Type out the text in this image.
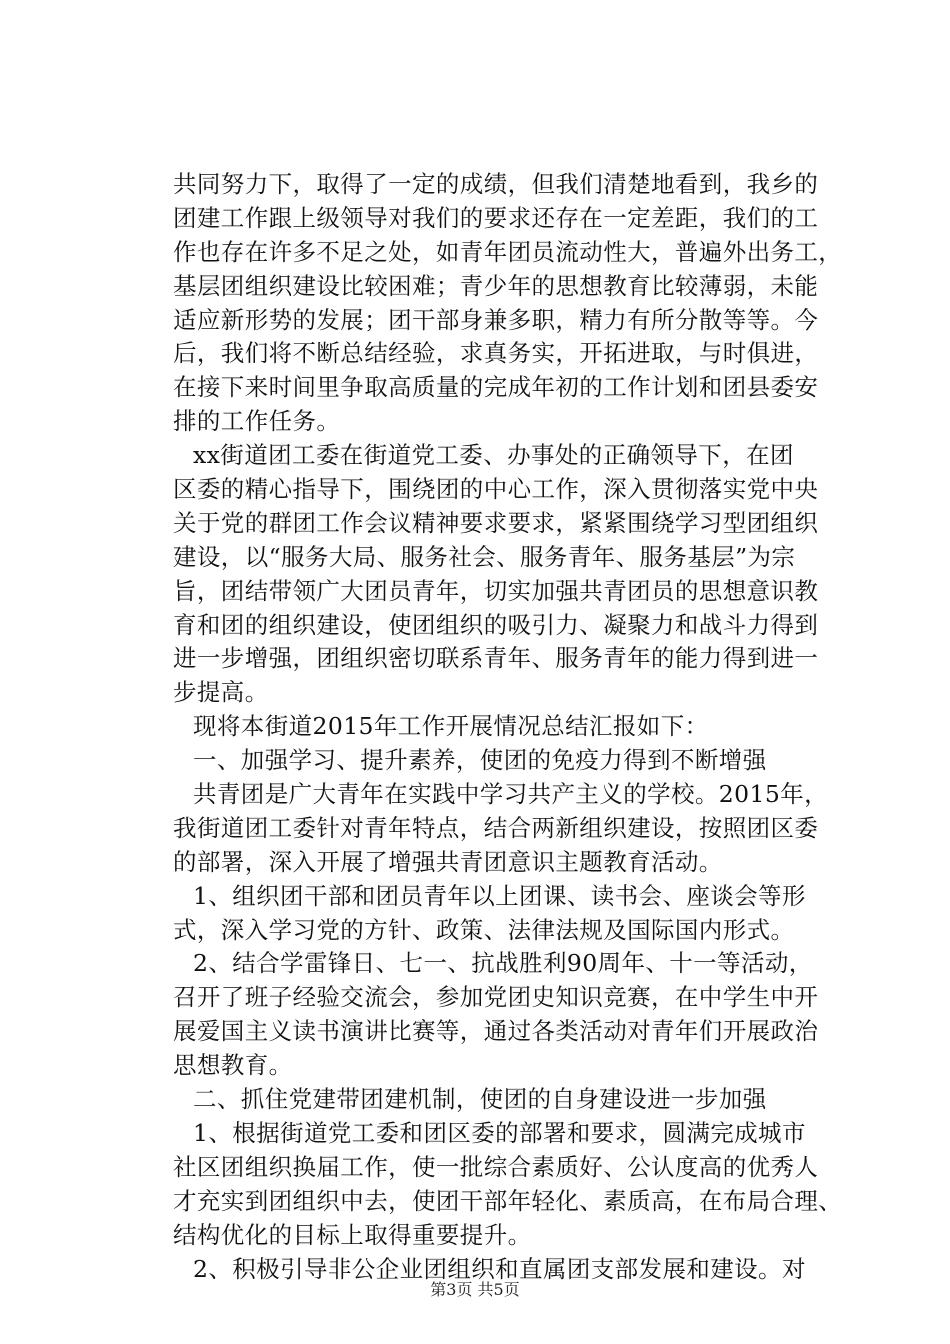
共同努力下，取得了一定的成绩，但我们清楚地看到，我乡的
团建工作跟上级领导对我们的要求还存在一定差距，我们的工
作也存在许多不足之处，如青年团员流动性大，普遍外出务工，
基层团组织建设比较困难；青少年的思想教育比较薄弱，未能
适应新形势的发展；团干部身兼多职，精力有所分散等等。今
后，我们将不断总结经验，求真务实，开拓进取，与时俱进，
在接下来时间里争取高质量的完成年初的工作计划和团县委安
排的工作任务。
xx街道团工委在街道党工委、办事处的正确领导下，在团
区委的精心指导下，围绕团的中心工作，深入贯彻落实党中央
关于党的群团工作会议精神要求要求，紧紧围绕学习型团组织
建设，以“服务大局、服务社会、服务青年、服务基层”为宗
旨，团结带领广大团员青年，切实加强共青团员的思想意识教
育和团的组织建设，使团组织的吸引力、凝聚力和战斗力得到
进一步增强，团组织密切联系青年、服务青年的能力得到进一
步提高。
现将本街道2015年工作开展情况总结汇报如下：
一、加强学习、提升素养，使团的免疫力得到不断增强
共青团是广大青年在实践中学习共产主义的学校。2015年，
我街道团工委针对青年特点，结合两新组织建设，按照团区委
的部署，深入开展了增强共青团意识主题教育活动。
1、组织团干部和团员青年以上团课、读书会、座谈会等形
式，深入学习党的方针、政策、法律法规及国际国内形式。
2、结合学雷锋日、七一、抗战胜利90周年、十一等活动，
召开了班子经验交流会，参加党团史知识竞赛，在中学生中开
展爱国主义读书演讲比赛等，通过各类活动对青年们开展政治
思想教育。
二、抓住党建带团建机制，使团的自身建设进一步加强
1、根据街道党工委和团区委的部署和要求，圆满完成城市
社区团组织换届工作，使一批综合素质好、公认度高的优秀人
才充实到团组织中去，使团干部年轻化、素质高，在布局合理、
结构优化的目标上取得重要提升。
2、积极引导非公企业团组织和直属团支部发展和建设。对
第3页 共5页
